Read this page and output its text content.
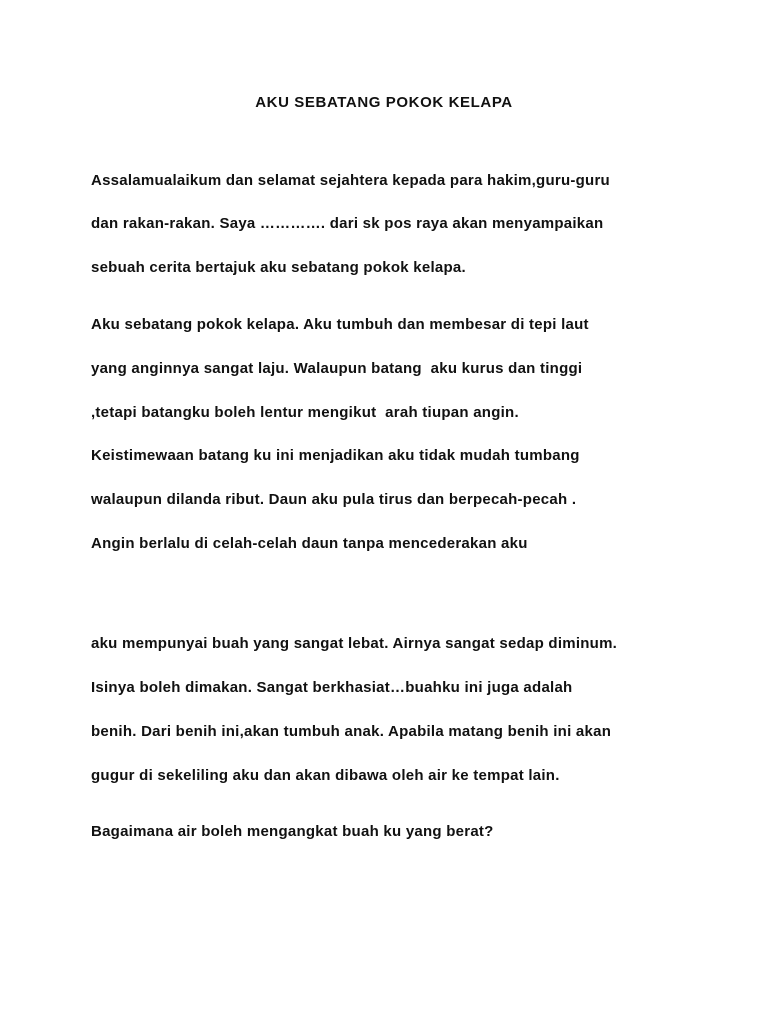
AKU SEBATANG POKOK KELAPA
Assalamualaikum dan selamat sejahtera kepada para hakim,guru-guru
dan rakan-rakan. Saya …………. dari sk pos raya akan menyampaikan
sebuah cerita bertajuk aku sebatang pokok kelapa.
Aku sebatang pokok kelapa. Aku tumbuh dan membesar di tepi laut
yang anginnya sangat laju. Walaupun batang  aku kurus dan tinggi
,tetapi batangku boleh lentur mengikut  arah tiupan angin.
Keistimewaan batang ku ini menjadikan aku tidak mudah tumbang
walaupun dilanda ribut. Daun aku pula tirus dan berpecah-pecah .
Angin berlalu di celah-celah daun tanpa mencederakan aku
aku mempunyai buah yang sangat lebat. Airnya sangat sedap diminum.
Isinya boleh dimakan. Sangat berkhasiat…buahku ini juga adalah
benih. Dari benih ini,akan tumbuh anak. Apabila matang benih ini akan
gugur di sekeliling aku dan akan dibawa oleh air ke tempat lain.
Bagaimana air boleh mengangkat buah ku yang berat?
